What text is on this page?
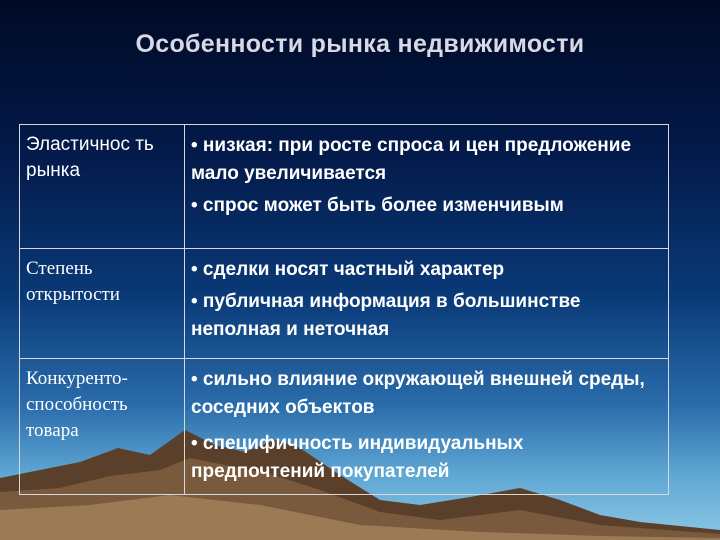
Особенности рынка недвижимости
Эластичнос ть рынка	• низкая: при росте спроса и цен предложение мало увеличивается

• спрос может быть более изменчивым

Степень открытости	• сделки носят частный характер

• публичная информация в большинстве неполная и неточная

Конкуренто-способность товара	• сильно влияние окружающей внешней среды, соседних объектов

• специфичность индивидуальных предпочтений покупателей
